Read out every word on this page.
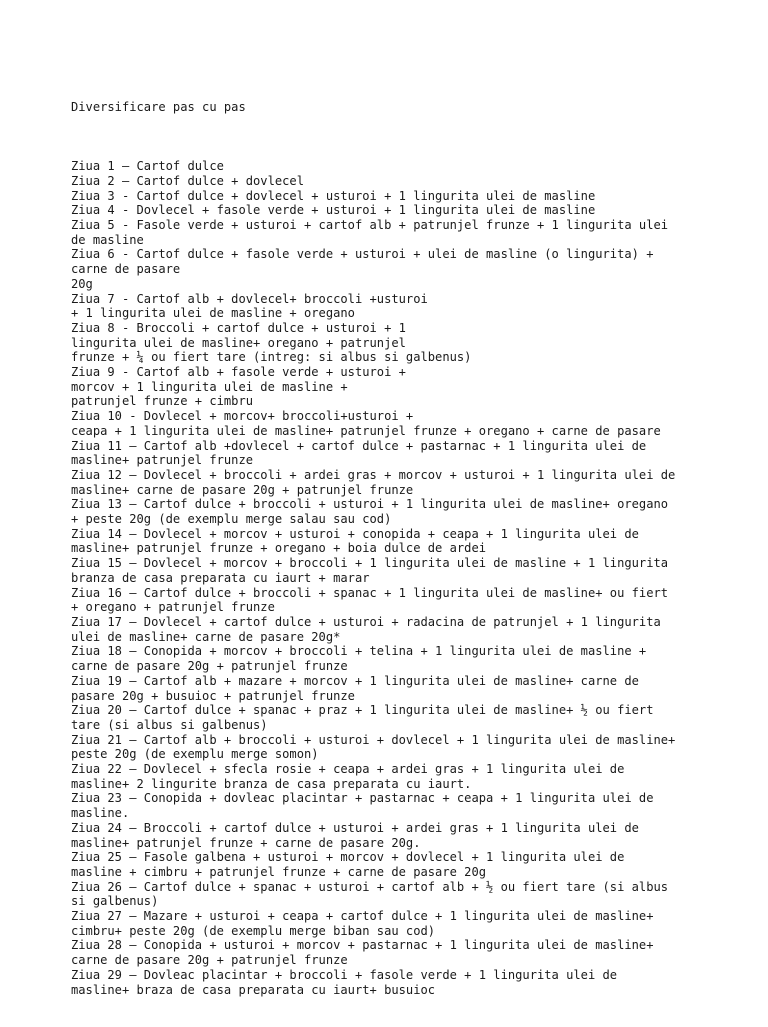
Diversificare pas cu pas

Ziua 1 – Cartof dulce
Ziua 2 – Cartof dulce + dovlecel
Ziua 3 - Cartof dulce + dovlecel + usturoi + 1 lingurita ulei de masline
Ziua 4 - Dovlecel + fasole verde + usturoi + 1 lingurita ulei de masline
Ziua 5 - Fasole verde + usturoi + cartof alb + patrunjel frunze + 1 lingurita ulei
de masline
Ziua 6 - Cartof dulce + fasole verde + usturoi + ulei de masline (o lingurita) +
carne de pasare
20g
Ziua 7 - Cartof alb + dovlecel+ broccoli +usturoi
+ 1 lingurita ulei de masline + oregano
Ziua 8 - Broccoli + cartof dulce + usturoi + 1
lingurita ulei de masline+ oregano + patrunjel
frunze + ¼ ou fiert tare (intreg: si albus si galbenus)
Ziua 9 - Cartof alb + fasole verde + usturoi +
morcov + 1 lingurita ulei de masline +
patrunjel frunze + cimbru
Ziua 10 - Dovlecel + morcov+ broccoli+usturoi +
ceapa + 1 lingurita ulei de masline+ patrunjel frunze + oregano + carne de pasare
Ziua 11 – Cartof alb +dovlecel + cartof dulce + pastarnac + 1 lingurita ulei de
masline+ patrunjel frunze
Ziua 12 – Dovlecel + broccoli + ardei gras + morcov + usturoi + 1 lingurita ulei de
masline+ carne de pasare 20g + patrunjel frunze
Ziua 13 – Cartof dulce + broccoli + usturoi + 1 lingurita ulei de masline+ oregano
+ peste 20g (de exemplu merge salau sau cod)
Ziua 14 – Dovlecel + morcov + usturoi + conopida + ceapa + 1 lingurita ulei de
masline+ patrunjel frunze + oregano + boia dulce de ardei
Ziua 15 – Dovlecel + morcov + broccoli + 1 lingurita ulei de masline + 1 lingurita
branza de casa preparata cu iaurt + marar
Ziua 16 – Cartof dulce + broccoli + spanac + 1 lingurita ulei de masline+ ou fiert
+ oregano + patrunjel frunze
Ziua 17 – Dovlecel + cartof dulce + usturoi + radacina de patrunjel + 1 lingurita
ulei de masline+ carne de pasare 20g*
Ziua 18 – Conopida + morcov + broccoli + telina + 1 lingurita ulei de masline +
carne de pasare 20g + patrunjel frunze
Ziua 19 – Cartof alb + mazare + morcov + 1 lingurita ulei de masline+ carne de
pasare 20g + busuioc + patrunjel frunze
Ziua 20 – Cartof dulce + spanac + praz + 1 lingurita ulei de masline+ ½ ou fiert
tare (si albus si galbenus)
Ziua 21 – Cartof alb + broccoli + usturoi + dovlecel + 1 lingurita ulei de masline+
peste 20g (de exemplu merge somon)
Ziua 22 – Dovlecel + sfecla rosie + ceapa + ardei gras + 1 lingurita ulei de
masline+ 2 lingurite branza de casa preparata cu iaurt.
Ziua 23 – Conopida + dovleac placintar + pastarnac + ceapa + 1 lingurita ulei de
masline.
Ziua 24 – Broccoli + cartof dulce + usturoi + ardei gras + 1 lingurita ulei de
masline+ patrunjel frunze + carne de pasare 20g.
Ziua 25 – Fasole galbena + usturoi + morcov + dovlecel + 1 lingurita ulei de
masline + cimbru + patrunjel frunze + carne de pasare 20g
Ziua 26 – Cartof dulce + spanac + usturoi + cartof alb + ½ ou fiert tare (si albus
si galbenus)
Ziua 27 – Mazare + usturoi + ceapa + cartof dulce + 1 lingurita ulei de masline+
cimbru+ peste 20g (de exemplu merge biban sau cod)
Ziua 28 – Conopida + usturoi + morcov + pastarnac + 1 lingurita ulei de masline+
carne de pasare 20g + patrunjel frunze
Ziua 29 – Dovleac placintar + broccoli + fasole verde + 1 lingurita ulei de
masline+ braza de casa preparata cu iaurt+ busuioc
